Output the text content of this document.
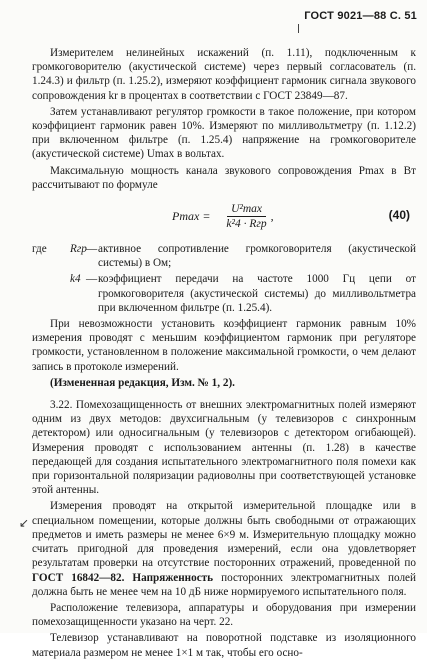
ГОСТ 9021—88 С. 51

Измерителем нелинейных искажений (п. 1.11), подключенным к громкоговорителю (акустической системе) через первый согласователь (п. 1.24.3) и фильтр (п. 1.25.2), измеряют коэффициент гармоник сигнала звукового сопровождения kr в процентах в соответствии с ГОСТ 23849—87.

Затем устанавливают регулятор громкости в такое положение, при котором коэффициент гармоник равен 10%. Измеряют по милливольтметру (п. 1.12.2) при включенном фильтре (п. 1.25.4) напряжение на громкоговорителе (акустической системе) Umax в вольтах.

Максимальную мощность канала звукового сопровождения Pmax в Вт рассчитывают по формуле

$Pmax = \frac{\text{U²max}}{\text{k²4 · Rгр}}$ ,	(40)
где	Rгр — активное сопротивление громкоговорителя (акустической системы) в Ом;
k4 — коэффициент передачи на частоте 1000 Гц цепи от громкоговорителя (акустической системы) до милливольтметра при включенном фильтре (п. 1.25.4).

При невозможности установить коэффициент гармоник равным 10% измерения проводят с меньшим коэффициентом гармоник при регуляторе громкости, установленном в положение максимальной громкости, о чем делают запись в протоколе измерений.

(Измененная редакция, Изм. № 1, 2).

3.22. Помехозащищенность от внешних электромагнитных полей измеряют одним из двух методов: двухсигнальным (у телевизоров с синхронным детектором) или односигнальным (у телевизоров с детектором огибающей). Измерения проводят с использованием антенны (п. 1.28) в качестве передающей для создания испытательного электромагнитного поля помехи как при горизонтальной поляризации радиоволны при соответствующей установке этой антенны.

Измерения проводят на открытой измерительной площадке или в специальном помещении, которые должны быть свободными от отражающих предметов и иметь размеры не менее 6×9 м. Измерительную площадку можно считать пригодной для проведения измерений, если она удовлетворяет результатам проверки на отсутствие посторонних отражений, проведенной по ГОСТ 16842—82. Напряженность посторонних электромагнитных полей должна быть не менее чем на 10 дБ ниже нормируемого испытательного поля.

Расположение телевизора, аппаратуры и оборудования при измерении помехозащищенности указано на черт. 22.

Телевизор устанавливают на поворотной подставке из изоляционного материала размером не менее 1×1 м так, чтобы его осно-

↙
